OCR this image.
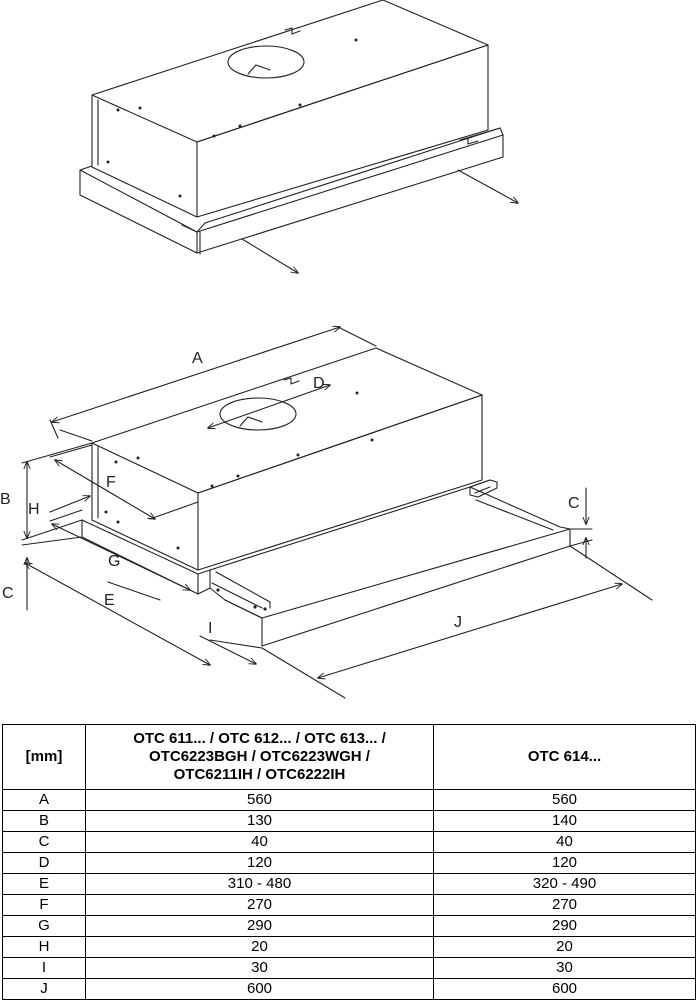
A
D
B
H
F
G
C	E
I	J
C
[mm]	OTC 611... / OTC 612... / OTC 613... /
OTC6223BGH / OTC6223WGH /
OTC6211IH / OTC6222IH	OTC 614...
A	560	560
B	130	140
C	40	40
D	120	120
E	310 - 480	320 - 490
F	270	270
G	290	290
H	20	20
I	30	30
J	600	600
